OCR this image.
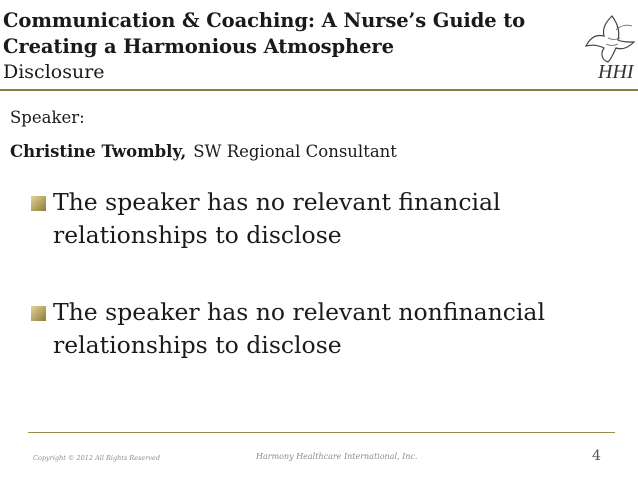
Communication & Coaching: A Nurse’s Guide to
Creating a Harmonious Atmosphere
Disclosure	HHI
Speaker:
Christine Twombly, SW Regional Consultant
The speaker has no relevant financial relationships to disclose
The speaker has no relevant nonfinancial relationships to disclose
Copyright © 2012 All Rights Reserved	Harmony Healthcare International, Inc.	4
